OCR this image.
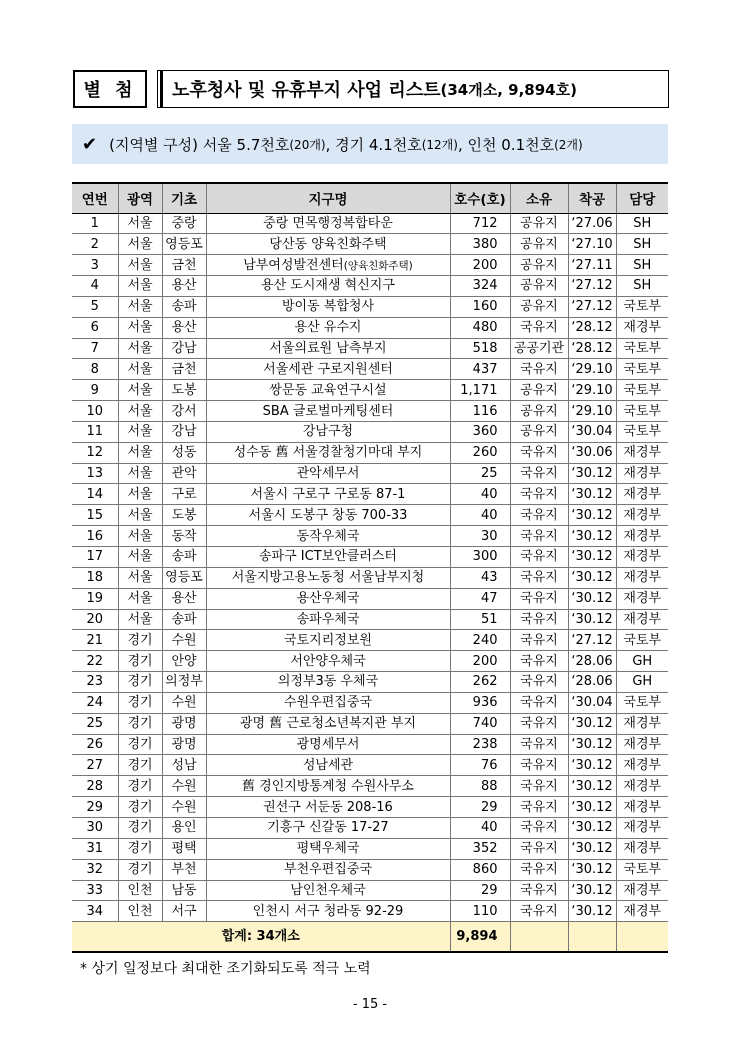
별 첨	노후청사 및 유휴부지 사업 리스트 (34개소, 9,894호)
✔ (지역별 구성) 서울 5.7천호 (20개) , 경기 4.1천호 (12개) , 인천 0.1천호 (2개)
연번	광역	기초	지구명	호수(호)	소유	착공	담당
1	서울	중랑	중랑 면목행정복합타운	712	공유지	‘27.06	SH
2	서울	영등포	당산동 양육친화주택	380	공유지	‘27.10	SH
3	서울	금천	남부여성발전센터(양육친화주택)	200	공유지	‘27.11	SH
4	서울	용산	용산 도시재생 혁신지구	324	공유지	‘27.12	SH
5	서울	송파	방이동 복합청사	160	공유지	‘27.12	국토부
6	서울	용산	용산 유수지	480	국유지	‘28.12	재경부
7	서울	강남	서울의료원 남측부지	518	공공기관	‘28.12	국토부
8	서울	금천	서울세관 구로지원센터	437	국유지	‘29.10	국토부
9	서울	도봉	쌍문동 교육연구시설	1,171	공유지	‘29.10	국토부
10	서울	강서	SBA 글로벌마케팅센터	116	공유지	‘29.10	국토부
11	서울	강남	강남구청	360	공유지	‘30.04	국토부
12	서울	성동	성수동 舊 서울경찰청기마대 부지	260	국유지	‘30.06	재경부
13	서울	관악	관악세무서	25	국유지	‘30.12	재경부
14	서울	구로	서울시 구로구 구로동 87-1	40	국유지	‘30.12	재경부
15	서울	도봉	서울시 도봉구 창동 700-33	40	국유지	‘30.12	재경부
16	서울	동작	동작우체국	30	국유지	‘30.12	재경부
17	서울	송파	송파구 ICT보안클러스터	300	국유지	‘30.12	재경부
18	서울	영등포	서울지방고용노동청 서울남부지청	43	국유지	‘30.12	재경부
19	서울	용산	용산우체국	47	국유지	‘30.12	재경부
20	서울	송파	송파우체국	51	국유지	‘30.12	재경부
21	경기	수원	국토지리정보원	240	국유지	‘27.12	국토부
22	경기	안양	서안양우체국	200	국유지	‘28.06	GH
23	경기	의정부	의정부3동 우체국	262	국유지	‘28.06	GH
24	경기	수원	수원우편집중국	936	국유지	‘30.04	국토부
25	경기	광명	광명 舊 근로청소년복지관 부지	740	국유지	‘30.12	재경부
26	경기	광명	광명세무서	238	국유지	‘30.12	재경부
27	경기	성남	성남세관	76	국유지	‘30.12	재경부
28	경기	수원	舊 경인지방통계청 수원사무소	88	국유지	‘30.12	재경부
29	경기	수원	권선구 서둔동 208-16	29	국유지	‘30.12	재경부
30	경기	용인	기흥구 신갈동 17-27	40	국유지	‘30.12	재경부
31	경기	평택	평택우체국	352	국유지	‘30.12	재경부
32	경기	부천	부천우편집중국	860	국유지	‘30.12	국토부
33	인천	남동	남인천우체국	29	국유지	‘30.12	재경부
34	인천	서구	인천시 서구 청라동 92-29	110	국유지	‘30.12	재경부
합계: 34개소				9,894			
* 상기 일정보다 최대한 조기화되도록 적극 노력
- 15 -
